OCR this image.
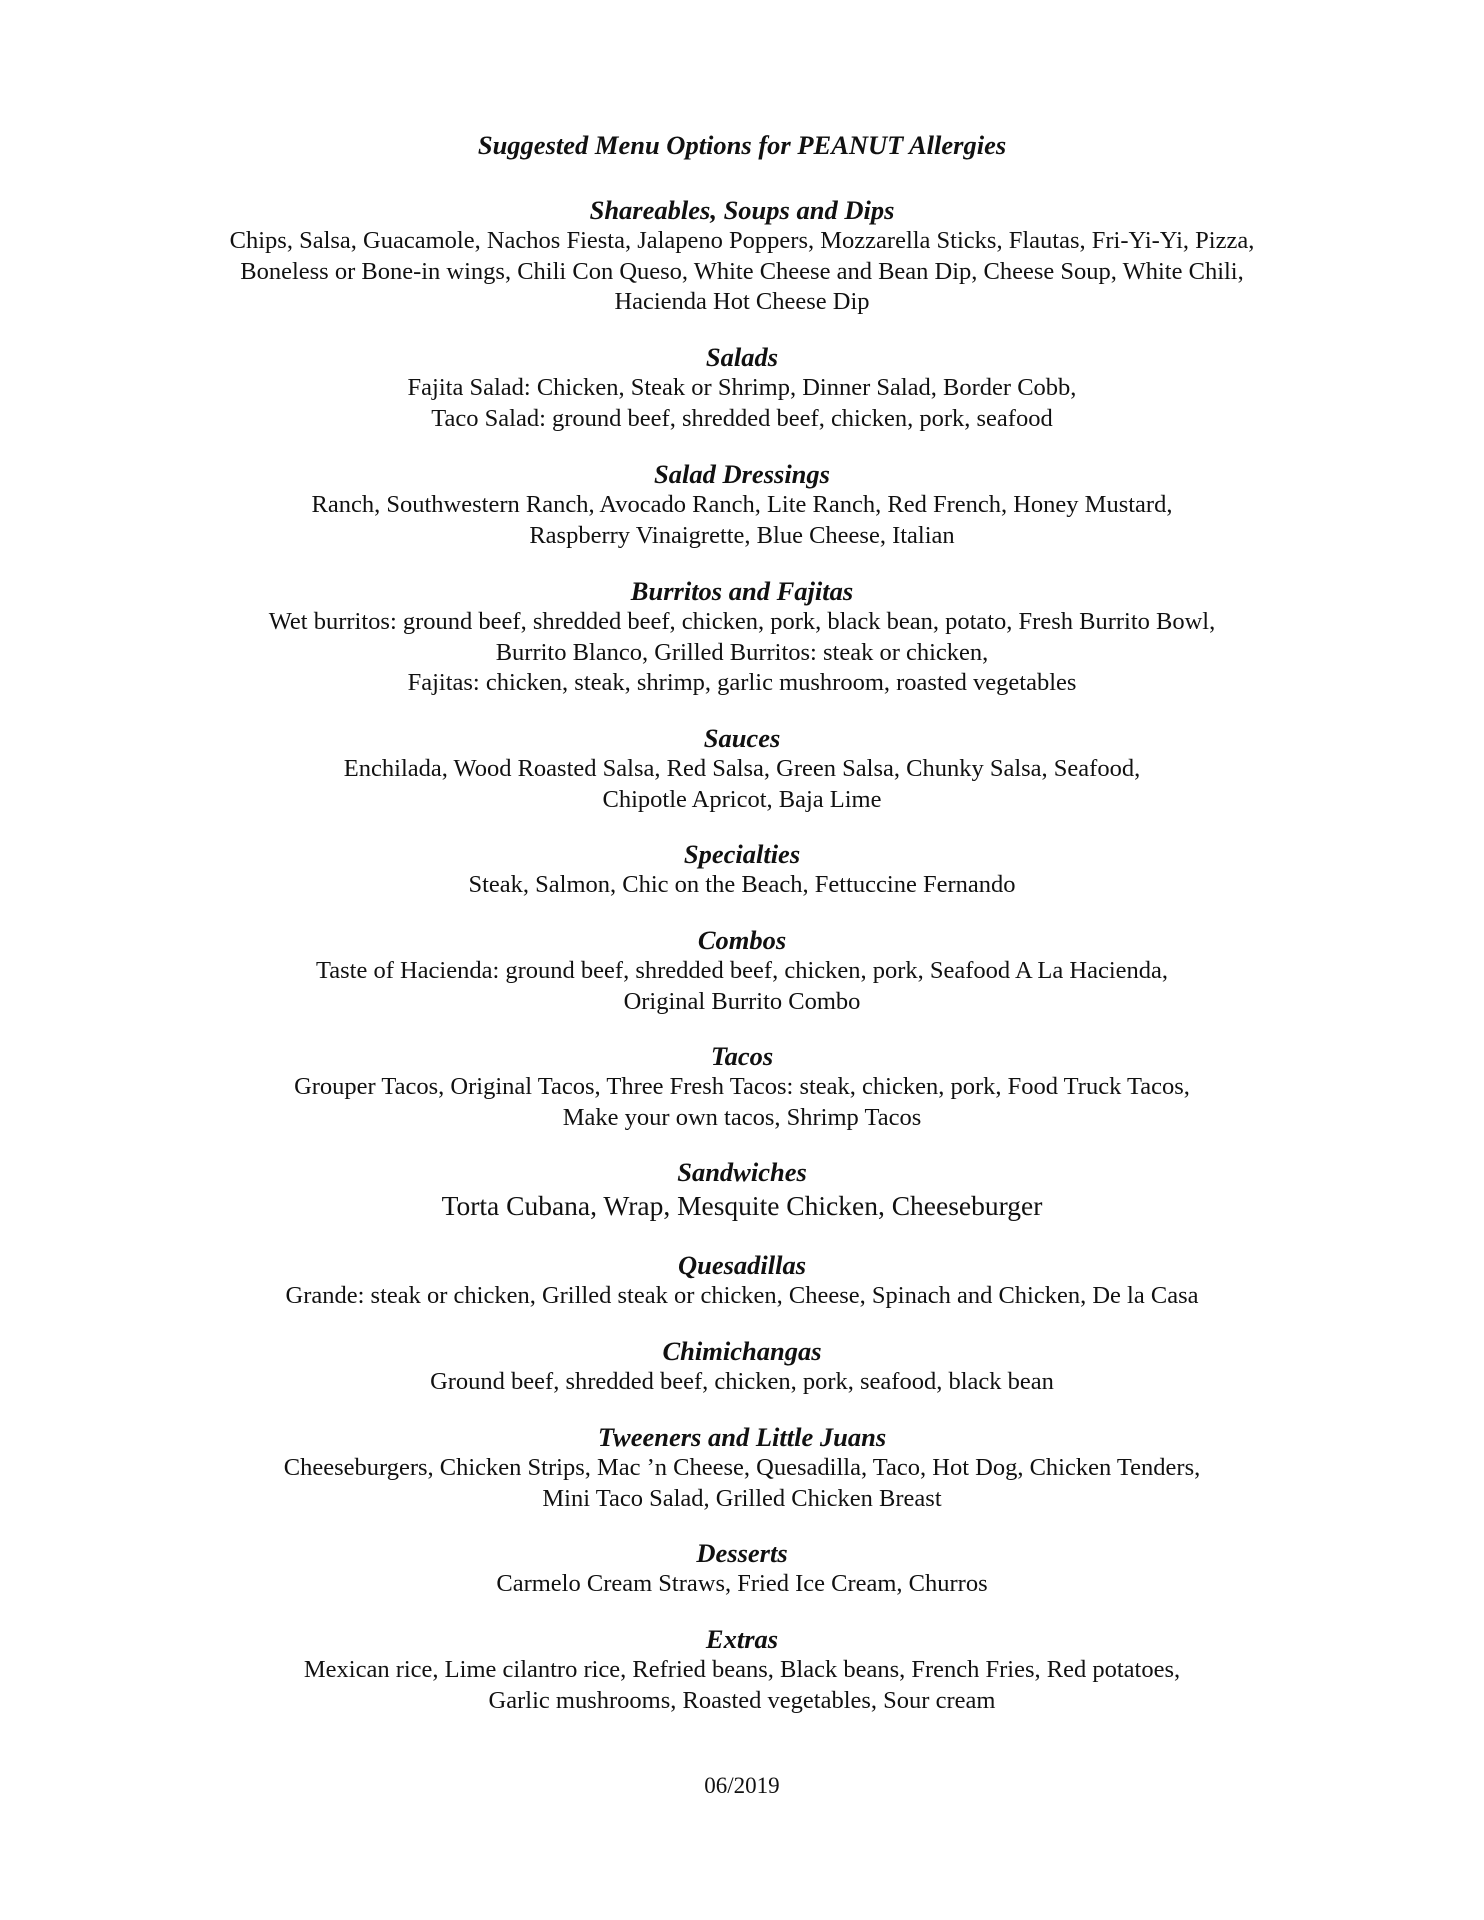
Suggested Menu Options for PEANUT Allergies

Shareables, Soups and Dips

Chips, Salsa, Guacamole, Nachos Fiesta, Jalapeno Poppers, Mozzarella Sticks, Flautas, Fri-Yi-Yi, Pizza,
Boneless or Bone-in wings, Chili Con Queso, White Cheese and Bean Dip, Cheese Soup, White Chili,
Hacienda Hot Cheese Dip

Salads

Fajita Salad: Chicken, Steak or Shrimp, Dinner Salad, Border Cobb,
Taco Salad: ground beef, shredded beef, chicken, pork, seafood

Salad Dressings

Ranch, Southwestern Ranch, Avocado Ranch, Lite Ranch, Red French, Honey Mustard,
Raspberry Vinaigrette, Blue Cheese, Italian

Burritos and Fajitas

Wet burritos: ground beef, shredded beef, chicken, pork, black bean, potato, Fresh Burrito Bowl,
Burrito Blanco, Grilled Burritos: steak or chicken,
Fajitas: chicken, steak, shrimp, garlic mushroom, roasted vegetables

Sauces

Enchilada, Wood Roasted Salsa, Red Salsa, Green Salsa, Chunky Salsa, Seafood,
Chipotle Apricot, Baja Lime

Specialties

Steak, Salmon, Chic on the Beach, Fettuccine Fernando

Combos

Taste of Hacienda: ground beef, shredded beef, chicken, pork, Seafood A La Hacienda,
Original Burrito Combo

Tacos

Grouper Tacos, Original Tacos, Three Fresh Tacos: steak, chicken, pork, Food Truck Tacos,
Make your own tacos, Shrimp Tacos

Sandwiches

Torta Cubana, Wrap, Mesquite Chicken, Cheeseburger

Quesadillas

Grande: steak or chicken, Grilled steak or chicken, Cheese, Spinach and Chicken, De la Casa

Chimichangas

Ground beef, shredded beef, chicken, pork, seafood, black bean

Tweeners and Little Juans

Cheeseburgers, Chicken Strips, Mac ’n Cheese, Quesadilla, Taco, Hot Dog, Chicken Tenders,
Mini Taco Salad, Grilled Chicken Breast

Desserts

Carmelo Cream Straws, Fried Ice Cream, Churros

Extras

Mexican rice, Lime cilantro rice, Refried beans, Black beans, French Fries, Red potatoes,
Garlic mushrooms, Roasted vegetables, Sour cream

06/2019
